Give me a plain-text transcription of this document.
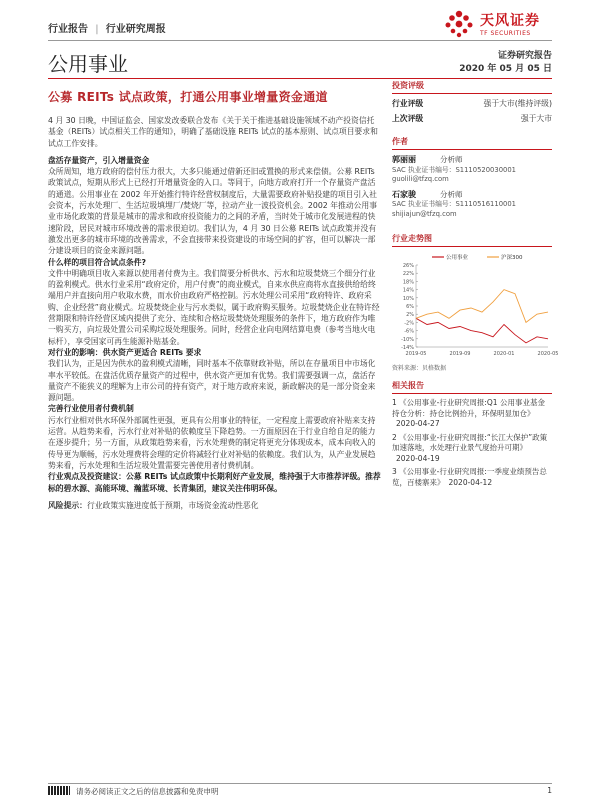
行业报告 | 行业研究周报
天风证券
TF SECURITIES
公用事业	证券研究报告
2020 年 05 月 05 日
公募 REITs 试点政策，打通公用事业增量资金通道

4 月 30 日晚，中国证监会、国家发改委联合发布《关于关于推进基础设施领域不动产投资信托基金（REITs）试点相关工作的通知》，明确了基础设施 REITs 试点的基本原则、试点项目要求和试点工作安排。

盘活存量资产，引入增量资金

众所周知，地方政府的偿付压力很大，大多只能通过借新还旧或置换的形式来偿债。公募 REITs 政策试点，短期从形式上已经打开增量资金的入口。等同于，向地方政府打开一个存量资产盘活的通道。公用事业在 2002 年开始推行特许经营权制度后，大量需要政府补贴投建的项目引入社会资本，污水处理厂、生活垃圾填埋厂/焚烧厂等，拉动产业一波投资机会。2002 年推动公用事业市场化政策的背景是城市的需求和政府投资能力的之间的矛盾，当时处于城市化发展进程的快速阶段，居民对城市环境改善的需求很迫切。我们认为，4 月 30 日公募 REITs 试点政策并没有激发出更多的城市环境的改善需求，不会直接带来投资建设的市场空间的扩容，但可以解决一部分建设项目的资金来源问题。

什么样的项目符合试点条件?

文件中明确项目收入来源以使用者付费为主。我们简要分析供水、污水和垃圾焚烧三个细分行业的盈利模式。供水行业采用“政府定价，用户付费”的商业模式，自来水供应商将水直接供给给终端用户并直接向用户收取水费，而水价由政府严格控制。污水处理公司采用“政府特许、政府采购、企业经营”商业模式。垃圾焚烧企业与污水类似，属于政府购买服务。垃圾焚烧企业在特许经营期限和特许经营区域内提供了充分、连续和合格垃圾焚烧处理服务的条件下，地方政府作为唯一购买方，向垃圾处置公司采购垃圾处理服务。同时，经营企业向电网结算电费（参考当地火电标杆），享受国家可再生能源补贴基金。

对行业的影响：供水资产更适合 REITs 要求

我们认为，正是因为供水的盈利模式清晰，同时基本不依靠财政补贴，所以在存量项目中市场化率水平较低。在盘活优质存量资产的过程中，供水资产更加有优势。我们需要强调一点，盘活存量资产不能狭义的理解为上市公司的持有资产，对于地方政府来说，新政解决的是一部分资金来源问题。

完善行业使用者付费机制

污水行业相对供水环保外部属性更强，更具有公用事业的特征，一定程度上需要政府补贴来支持运营。从趋势来看，污水行业对补贴的依赖度呈下降趋势。一方面原因在于行业自给自足的能力在逐步提升；另一方面，从政策趋势来看，污水处理费的制定将更充分体现成本，成本向收入的传导更为顺畅，污水处理费将会理的定价将减轻行业对补贴的依赖度。我们认为，从产业发展趋势来看，污水处理和生活垃圾处置需要完善使用者付费机制。

行业观点及投资建议：公募 REITs 试点政策中长期利好产业发展，维持强于大市推荐评级。推荐标的碧水源、高能环境、瀚蓝环境、长青集团，建议关注伟明环保。

风险提示：行业政策实施进度低于预期，市场资金流动性恶化

投资评级
行业评级	强于大市(维持评级)
上次评级	强于大市
作者
郭丽丽	分析师
SAC 执业证书编号：S1110520030001
guolili@tfzq.com
石家骏	分析师
SAC 执业证书编号：S1110516110001
shijiajun@tfzq.com
行业走势图
-14%
-10%
-6%
-2%
2%
6%
10%
14%
18%
22%
26%
2019-05	2019-09	2020-01	2020-05
公用事业	沪深300
资料来源：贝格数据
相关报告
1 《公用事业-行业研究周报:Q1 公用事业基金持仓分析：持仓比例抬升，环保明显加仓》2020-04-27
2 《公用事业-行业研究周报:“长江大保护”政策加速落地，水处理行业景气度抬升可期》2020-04-19
3 《公用事业-行业研究周报:一季度业绩预告总览，百楼寨来》 2020-04-12
请务必阅读正文之后的信息披露和免责申明	1
